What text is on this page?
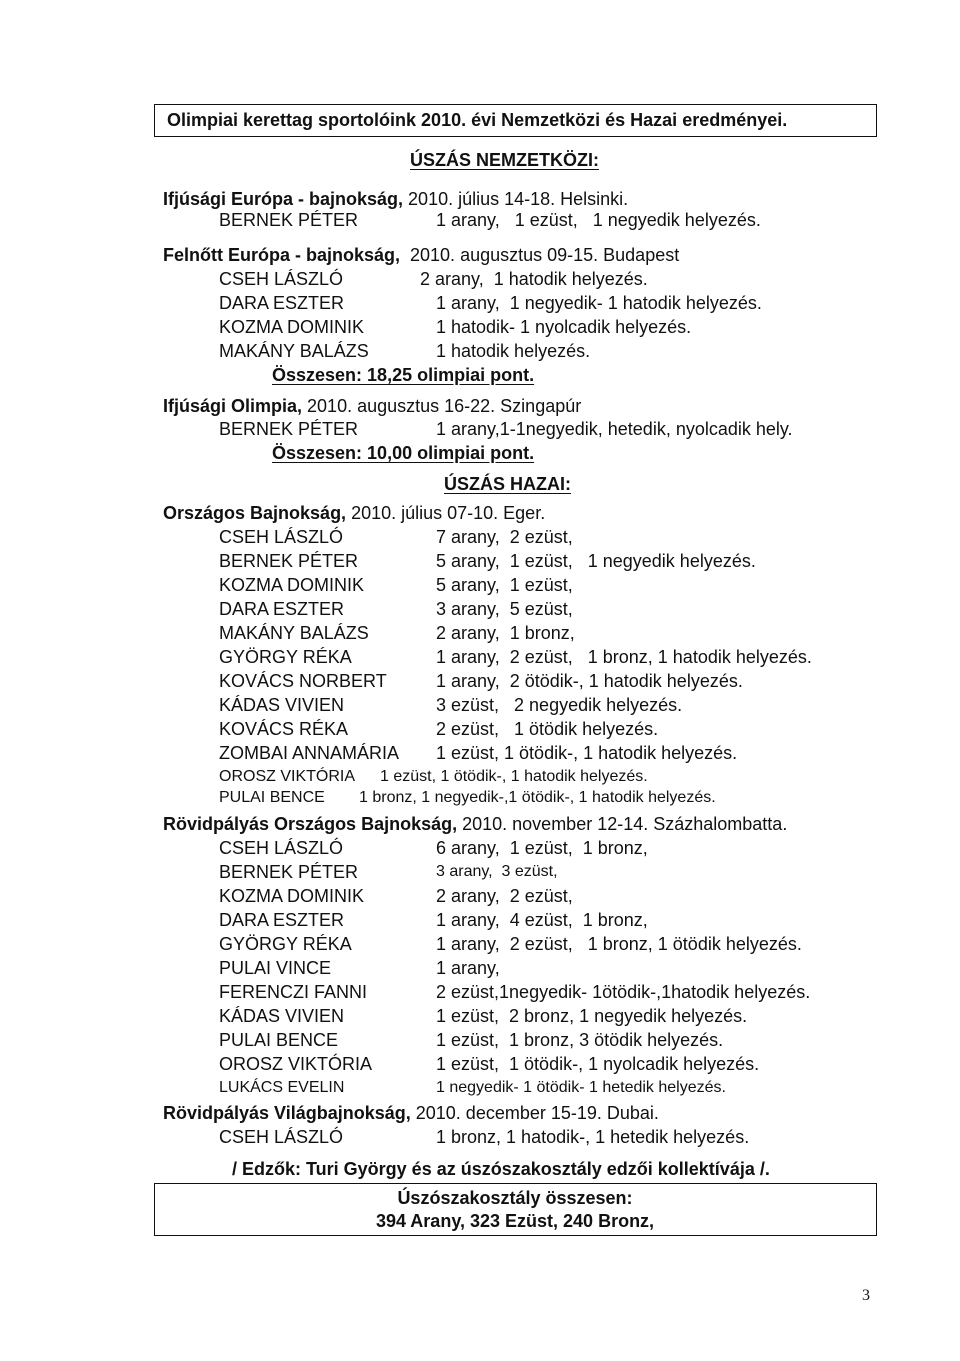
Olimpiai kerettag sportolóink 2010. évi Nemzetközi és Hazai eredményei.
ÚSZÁS NEMZETKÖZI:
Ifjúsági Európa - bajnokság, 2010. július 14-18. Helsinki.
BERNEK PÉTER	1 arany,   1 ezüst,   1 negyedik helyezés.
Felnőtt Európa - bajnokság,  2010. augusztus 09-15. Budapest
CSEH LÁSZLÓ	2 arany,  1 hatodik helyezés.
DARA ESZTER	1 arany,  1 negyedik- 1 hatodik helyezés.
KOZMA DOMINIK	1 hatodik- 1 nyolcadik helyezés.
MAKÁNY BALÁZS	1 hatodik helyezés.
Összesen: 18,25 olimpiai pont.
Ifjúsági Olimpia, 2010. augusztus 16-22. Szingapúr
BERNEK PÉTER	1 arany,1-1negyedik, hetedik, nyolcadik hely.
Összesen: 10,00 olimpiai pont.
ÚSZÁS HAZAI:
Országos Bajnokság, 2010. július 07-10. Eger.
CSEH LÁSZLÓ	7 arany,  2 ezüst,
BERNEK PÉTER	5 arany,  1 ezüst,   1 negyedik helyezés.
KOZMA DOMINIK	5 arany,  1 ezüst,
DARA ESZTER	3 arany,  5 ezüst,
MAKÁNY BALÁZS	2 arany,  1 bronz,
GYÖRGY RÉKA	1 arany,  2 ezüst,   1 bronz, 1 hatodik helyezés.
KOVÁCS NORBERT	1 arany,  2 ötödik-, 1 hatodik helyezés.
KÁDAS VIVIEN	3 ezüst,   2 negyedik helyezés.
KOVÁCS RÉKA	2 ezüst,   1 ötödik helyezés.
ZOMBAI ANNAMÁRIA 1 ezüst, 1 ötödik-, 1 hatodik helyezés.
OROSZ VIKTÓRIA 1 ezüst, 1 ötödik-, 1 hatodik helyezés.
PULAI BENCE 1 bronz, 1 negyedik-,1 ötödik-, 1 hatodik helyezés.
Rövidpályás Országos Bajnokság, 2010. november 12-14. Százhalombatta.
CSEH LÁSZLÓ	6 arany,  1 ezüst,  1 bronz,
BERNEK PÉTER	3 arany,  3 ezüst,
KOZMA DOMINIK	2 arany,  2 ezüst,
DARA ESZTER	1 arany,  4 ezüst,  1 bronz,
GYÖRGY RÉKA	1 arany,  2 ezüst,   1 bronz, 1 ötödik helyezés.
PULAI VINCE	1 arany,
FERENCZI FANNI	2 ezüst,1negyedik- 1ötödik-,1hatodik helyezés.
KÁDAS VIVIEN	1 ezüst,  2 bronz, 1 negyedik helyezés.
PULAI BENCE	1 ezüst,  1 bronz, 3 ötödik helyezés.
OROSZ VIKTÓRIA	1 ezüst,  1 ötödik-, 1 nyolcadik helyezés.
LUKÁCS EVELIN	1 negyedik- 1 ötödik- 1 hetedik helyezés.
Rövidpályás Világbajnokság, 2010. december 15-19. Dubai.
CSEH LÁSZLÓ	1 bronz, 1 hatodik-, 1 hetedik helyezés.
/ Edzők: Turi György és az úszószakosztály edzői kollektívája /.
Úszószakosztály összesen:
394 Arany, 323 Ezüst, 240 Bronz,
3
